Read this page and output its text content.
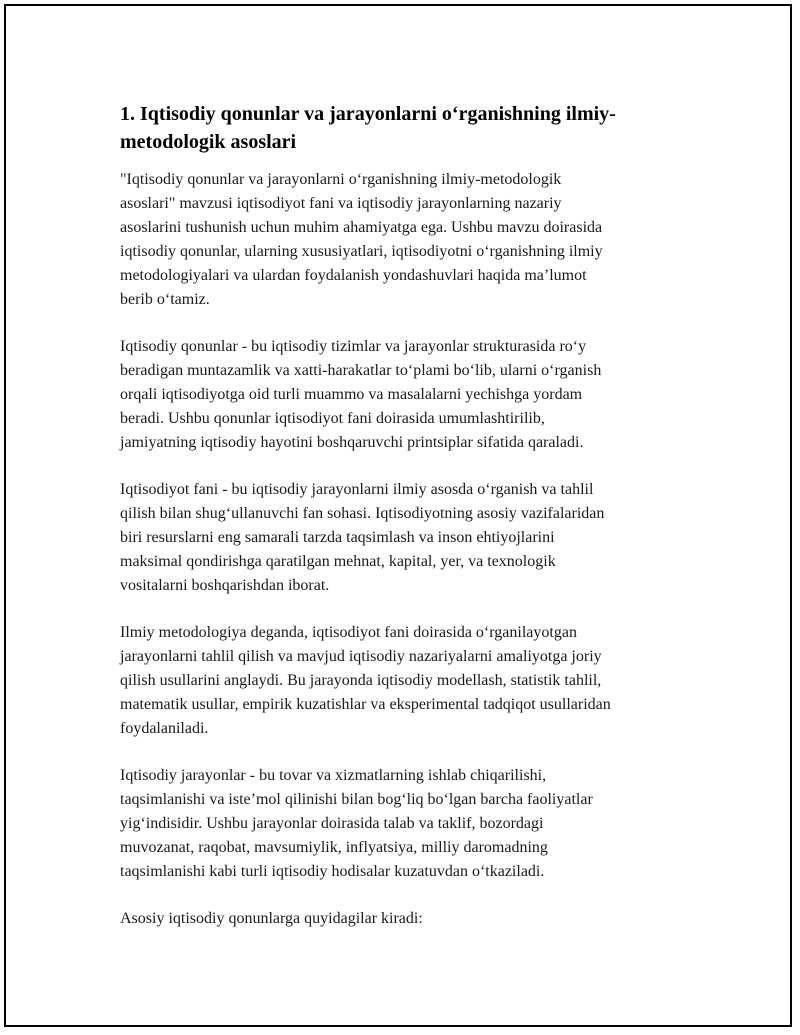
1. Iqtisodiy qonunlar va jarayonlarni o‘rganishning ilmiy-
metodologik asoslari

"Iqtisodiy qonunlar va jarayonlarni o‘rganishning ilmiy-metodologik
asoslari" mavzusi iqtisodiyot fani va iqtisodiy jarayonlarning nazariy
asoslarini tushunish uchun muhim ahamiyatga ega. Ushbu mavzu doirasida
iqtisodiy qonunlar, ularning xususiyatlari, iqtisodiyotni o‘rganishning ilmiy
metodologiyalari va ulardan foydalanish yondashuvlari haqida ma’lumot
berib o‘tamiz.

Iqtisodiy qonunlar - bu iqtisodiy tizimlar va jarayonlar strukturasida ro‘y
beradigan muntazamlik va xatti-harakatlar to‘plami bo‘lib, ularni o‘rganish
orqali iqtisodiyotga oid turli muammo va masalalarni yechishga yordam
beradi. Ushbu qonunlar iqtisodiyot fani doirasida umumlashtirilib,
jamiyatning iqtisodiy hayotini boshqaruvchi printsiplar sifatida qaraladi.

Iqtisodiyot fani - bu iqtisodiy jarayonlarni ilmiy asosda o‘rganish va tahlil
qilish bilan shug‘ullanuvchi fan sohasi. Iqtisodiyotning asosiy vazifalaridan
biri resurslarni eng samarali tarzda taqsimlash va inson ehtiyojlarini
maksimal qondirishga qaratilgan mehnat, kapital, yer, va texnologik
vositalarni boshqarishdan iborat.

Ilmiy metodologiya deganda, iqtisodiyot fani doirasida o‘rganilayotgan
jarayonlarni tahlil qilish va mavjud iqtisodiy nazariyalarni amaliyotga joriy
qilish usullarini anglaydi. Bu jarayonda iqtisodiy modellash, statistik tahlil,
matematik usullar, empirik kuzatishlar va eksperimental tadqiqot usullaridan
foydalaniladi.

Iqtisodiy jarayonlar - bu tovar va xizmatlarning ishlab chiqarilishi,
taqsimlanishi va iste’mol qilinishi bilan bog‘liq bo‘lgan barcha faoliyatlar
yig‘indisidir. Ushbu jarayonlar doirasida talab va taklif, bozordagi
muvozanat, raqobat, mavsumiylik, inflyatsiya, milliy daromadning
taqsimlanishi kabi turli iqtisodiy hodisalar kuzatuvdan o‘tkaziladi.

Asosiy iqtisodiy qonunlarga quyidagilar kiradi:
